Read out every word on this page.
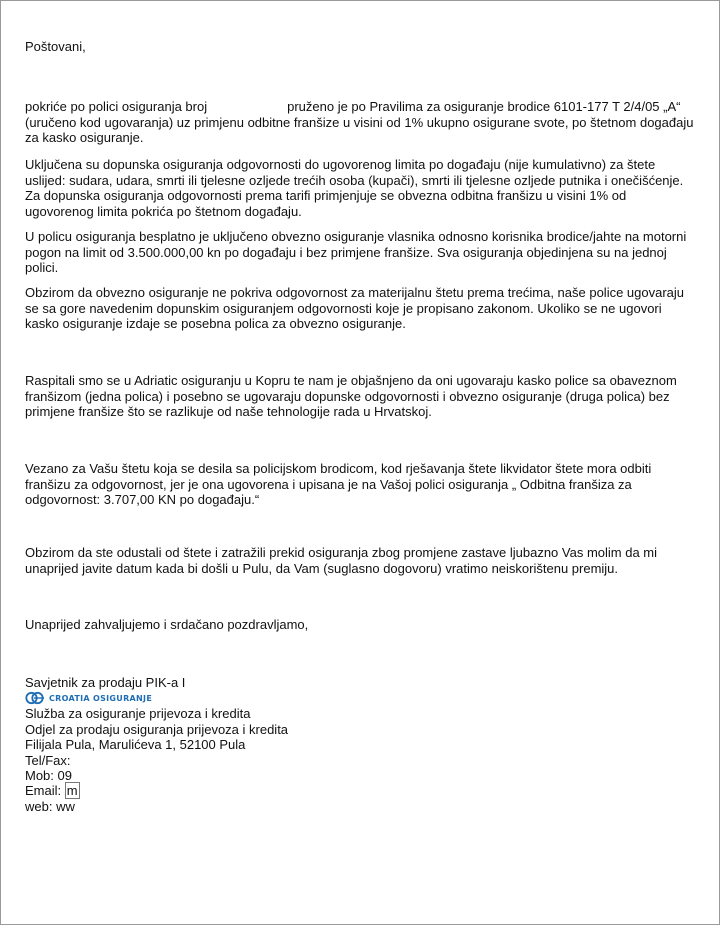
Poštovani,

pokriće po polici osiguranja broj	pruženo je po Pravilima za osiguranje brodice 6101-177 T 2/4/05 „A“ (uručeno kod ugovaranja) uz primjenu odbitne franšize u visini od 1% ukupno osigurane svote, po štetnom događaju za kasko osiguranje.

Uključena su dopunska osiguranja odgovornosti do ugovorenog limita po događaju (nije kumulativno) za štete uslijed: sudara, udara, smrti ili tjelesne ozljede trećih osoba (kupači), smrti ili tjelesne ozljede putnika i onečišćenje. Za dopunska osiguranja odgovornosti prema tarifi primjenjuje se obvezna odbitna franšizu u visini 1% od ugovorenog limita pokrića po štetnom događaju.

U policu osiguranja besplatno je uključeno obvezno osiguranje vlasnika odnosno korisnika brodice/jahte na motorni pogon na limit od 3.500.000,00 kn po događaju i bez primjene franšize. Sva osiguranja objedinjena su na jednoj polici.

Obzirom da obvezno osiguranje ne pokriva odgovornost za materijalnu štetu prema trećima, naše police ugovaraju se sa gore navedenim dopunskim osiguranjem odgovornosti koje je propisano zakonom. Ukoliko se ne ugovori kasko osiguranje izdaje se posebna polica za obvezno osiguranje.

Raspitali smo se u Adriatic osiguranju u Kopru te nam je objašnjeno da oni ugovaraju kasko police sa obaveznom franšizom (jedna polica) i posebno se ugovaraju dopunske odgovornosti i obvezno osiguranje (druga polica) bez primjene franšize što se razlikuje od naše tehnologije rada u Hrvatskoj.

Vezano za Vašu štetu koja se desila sa policijskom brodicom, kod rješavanja štete likvidator štete mora odbiti franšizu za odgovornost, jer je ona ugovorena i upisana je na Vašoj polici osiguranja „ Odbitna franšiza za odgovornost: 3.707,00 KN po događaju.“

Obzirom da ste odustali od štete i zatražili prekid osiguranja zbog promjene zastave ljubazno Vas molim da mi unaprijed javite datum kada bi došli u Pulu, da Vam (suglasno dogovoru) vratimo neiskorištenu premiju.

Unaprijed zahvaljujemo i srdačano pozdravljamo,

Savjetnik za prodaju PIK-a I
CROATIA OSIGURANJE
Služba za osiguranje prijevoza i kredita
Odjel za prodaju osiguranja prijevoza i kredita
Filijala Pula, Marulićeva 1, 52100 Pula
Tel/Fax:
Mob: 09
Email: m
web: ww
